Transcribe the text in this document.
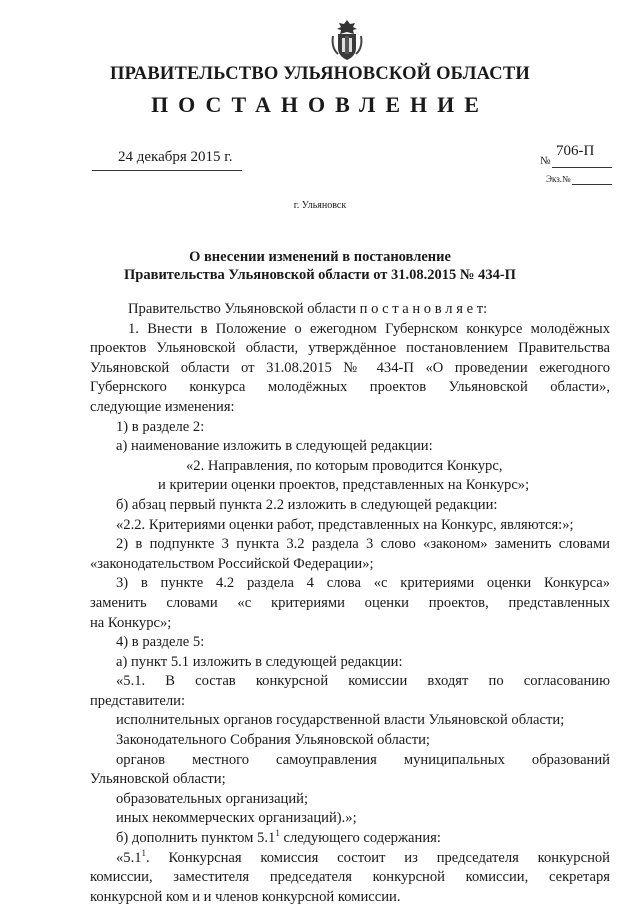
ПРАВИТЕЛЬСТВО УЛЬЯНОВСКОЙ ОБЛАСТИ
ПОСТАНОВЛЕНИЕ
24 декабря 2015 г.	№
706-П
Экз.№
г. Ульяновск
О внесении изменений в постановление
Правительства Ульяновской области от 31.08.2015 № 434-П

Правительство Ульяновской области п о с т а н о в л я е т:

1. Внести в Положение о ежегодном Губернском конкурсе молодёжных

проектов Ульяновской области, утверждённое постановлением Правительства

Ульяновской области от 31.08.2015 № 434-П «О проведении ежегодного

Губернского конкурса молодёжных проектов Ульяновской области»,

следующие изменения:

1) в разделе 2:

а) наименование изложить в следующей редакции:

«2. Направления, по которым проводится Конкурс,

и критерии оценки проектов, представленных на Конкурс»;

б) абзац первый пункта 2.2 изложить в следующей редакции:

«2.2. Критериями оценки работ, представленных на Конкурс, являются:»;

2) в подпункте 3 пункта 3.2 раздела 3 слово «законом» заменить словами

«законодательством Российской Федерации»;

3) в пункте 4.2 раздела 4 слова «с критериями оценки Конкурса»

заменить словами «с критериями оценки проектов, представленных

на Конкурс»;

4) в разделе 5:

а) пункт 5.1 изложить в следующей редакции:

«5.1. В состав конкурсной комиссии входят по согласованию

представители:

исполнительных органов государственной власти Ульяновской области;

Законодательного Собрания Ульяновской области;

органов местного самоуправления муниципальных образований

Ульяновской области;

образовательных организаций;

иных некоммерческих организаций).»;

б) дополнить пунктом $5.1^1$ следующего содержания:

«$5.1^1$. Конкурсная комиссия состоит из председателя конкурсной

комиссии, заместителя председателя конкурсной комиссии, секретаря

конкурсной ком и и членов конкурсной комиссии.
